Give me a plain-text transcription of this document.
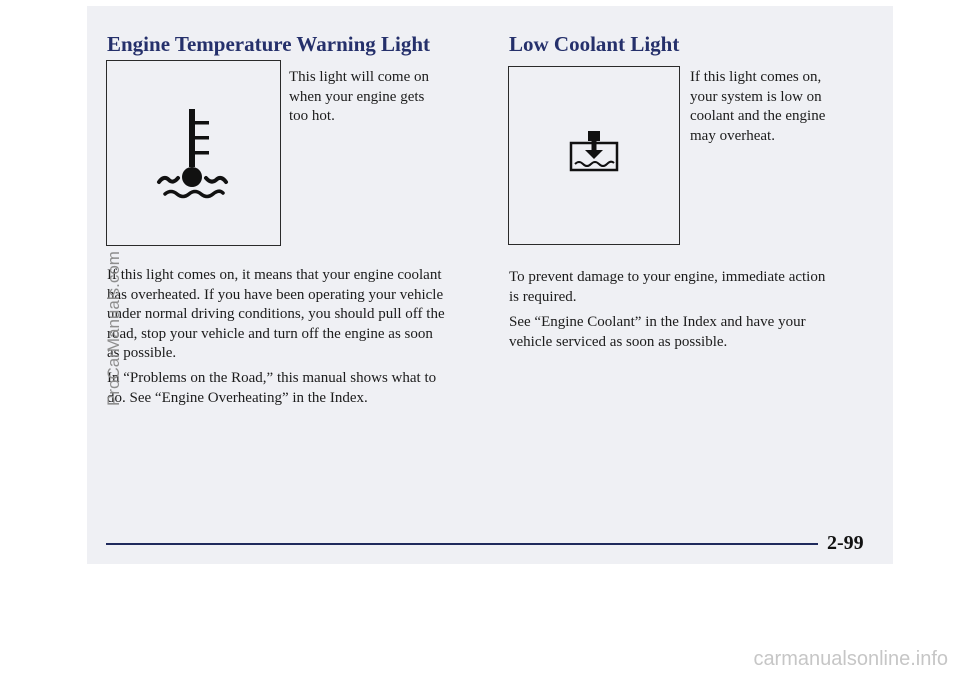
Engine Temperature Warning Light
This light will come on
when your engine gets
too hot.
If this light comes on, it means that your engine coolant
has overheated. If you have been operating your vehicle
under normal driving conditions, you should pull off the
road, stop your vehicle and turn off the engine as soon
as possible.
In “Problems on the Road,” this manual shows what to
do. See “Engine Overheating” in the Index.
Low Coolant Light
If this light comes on,
your system is low on
coolant and the engine
may overheat.
To prevent damage to your engine, immediate action
is required.
See “Engine Coolant” in the Index and have your
vehicle serviced as soon as possible.
2-99
ProCarManuals.com
carmanualsonline.info
